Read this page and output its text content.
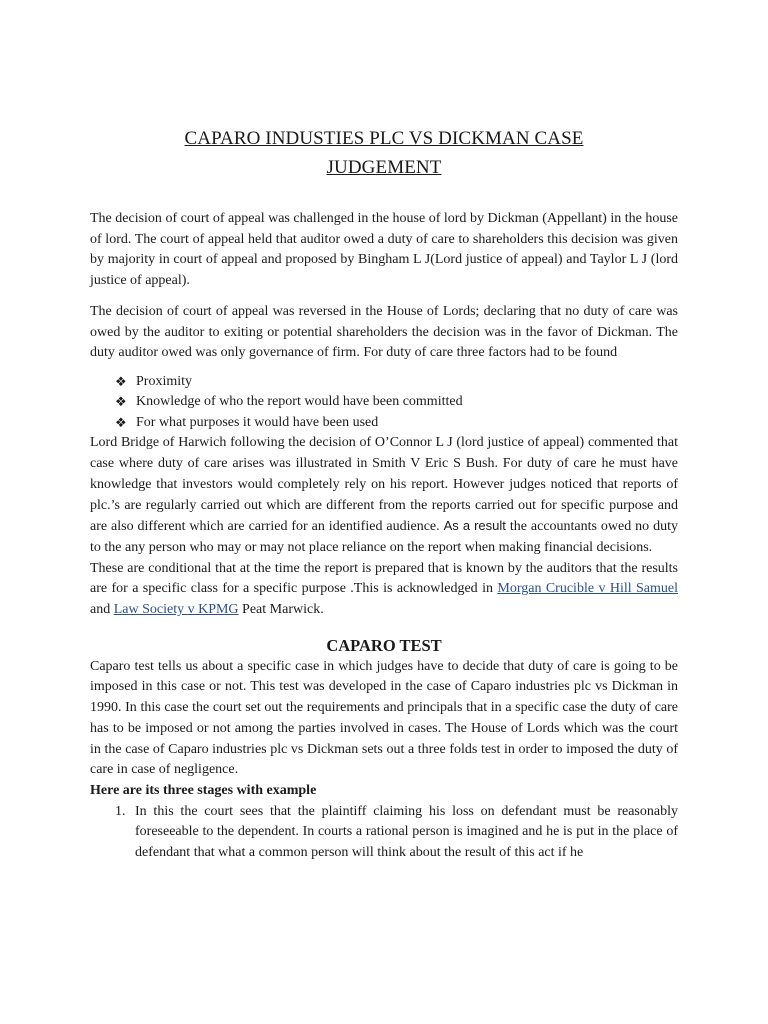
CAPARO INDUSTIES PLC VS DICKMAN CASE
JUDGEMENT

The decision of court of appeal was challenged in the house of lord by Dickman (Appellant) in the house of lord. The court of appeal held that auditor owed a duty of care to shareholders this decision was given by majority in court of appeal and proposed by Bingham L J(Lord justice of appeal) and Taylor L J (lord justice of appeal).

The decision of court of appeal was reversed in the House of Lords; declaring that no duty of care was owed by the auditor to exiting or potential shareholders the decision was in the favor of Dickman. The duty auditor owed was only governance of firm. For duty of care three factors had to be found

❖ Proximity
❖ Knowledge of who the report would have been committed
❖ For what purposes it would have been used

Lord Bridge of Harwich following the decision of O’Connor L J (lord justice of appeal) commented that case where duty of care arises was illustrated in Smith V Eric S Bush. For duty of care he must have knowledge that investors would completely rely on his report. However judges noticed that reports of plc.’s are regularly carried out which are different from the reports carried out for specific purpose and are also different which are carried for an identified audience. As a result the accountants owed no duty to the any person who may or may not place reliance on the report when making financial decisions.

These are conditional that at the time the report is prepared that is known by the auditors that the results are for a specific class for a specific purpose .This is acknowledged in Morgan Crucible v Hill Samuel and Law Society v KPMG Peat Marwick.

CAPARO TEST

Caparo test tells us about a specific case in which judges have to decide that duty of care is going to be imposed in this case or not. This test was developed in the case of Caparo industries plc vs Dickman in 1990. In this case the court set out the requirements and principals that in a specific case the duty of care has to be imposed or not among the parties involved in cases. The House of Lords which was the court in the case of Caparo industries plc vs Dickman sets out a three folds test in order to imposed the duty of care in case of negligence.

Here are its three stages with example
1. In this the court sees that the plaintiff claiming his loss on defendant must be reasonably foreseeable to the dependent. In courts a rational person is imagined and he is put in the place of defendant that what a common person will think about the result of this act if he
